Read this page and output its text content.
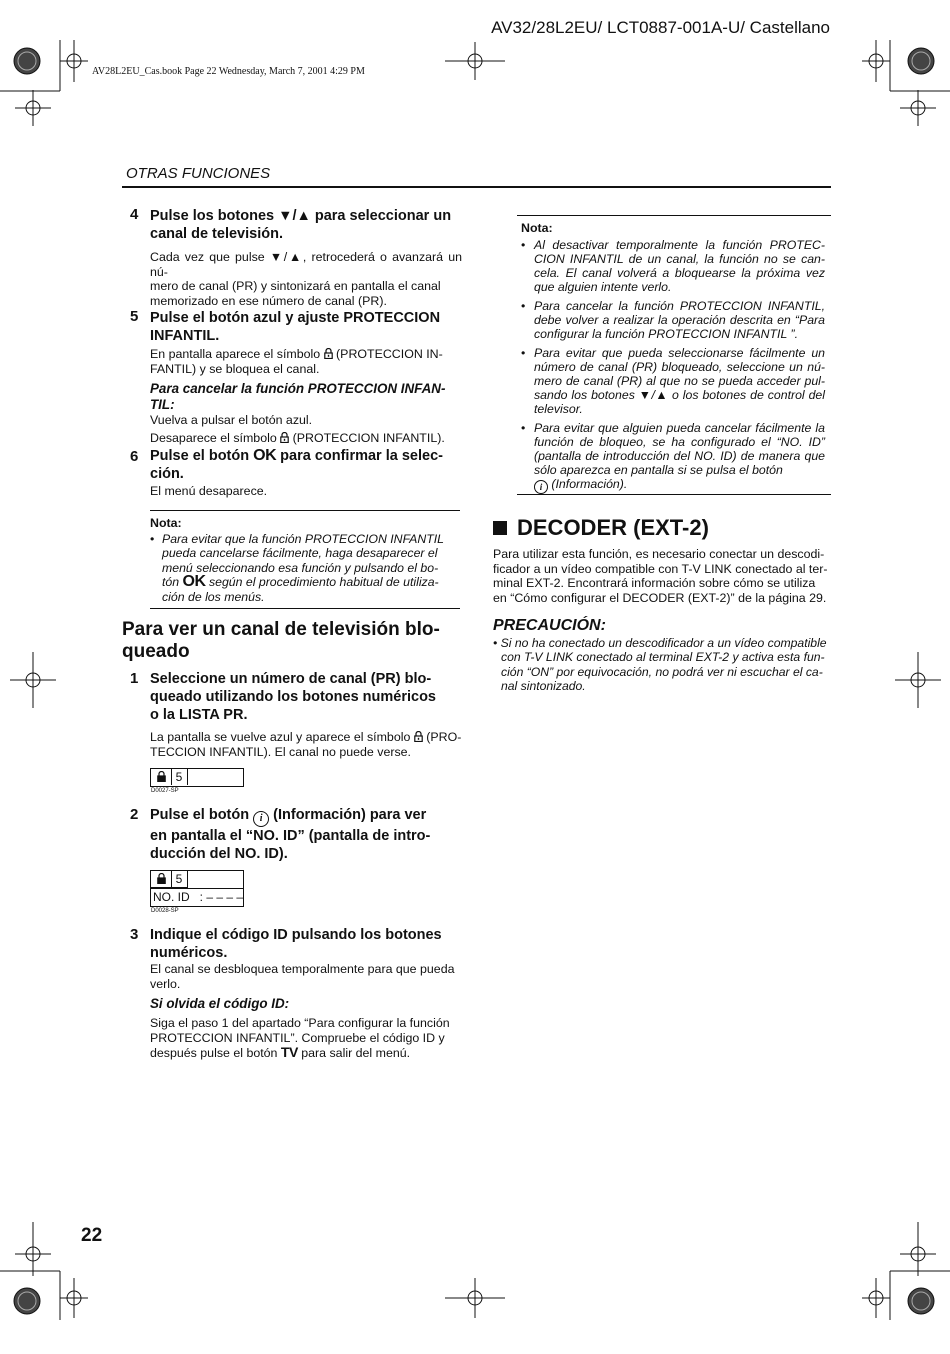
AV32/28L2EU/ LCT0887-001A-U/ Castellano
AV28L2EU_Cas.book Page 22 Wednesday, March 7, 2001 4:29 PM
OTRAS FUNCIONES
4 Pulse los botones ▼/▲ para seleccionar un
canal de televisión.
Cada vez que pulse ▼/▲, retrocederá o avanzará un nú-
mero de canal (PR) y sintonizará en pantalla el canal
memorizado en ese número de canal (PR).
5 Pulse el botón azul y ajuste PROTECCION
INFANTIL.
En pantalla aparece el símbolo (PROTECCION IN-
FANTIL) y se bloquea el canal.
Para cancelar la función PROTECCION INFAN-
TIL:
Vuelva a pulsar el botón azul.
Desaparece el símbolo (PROTECCION INFANTIL).
6 Pulse el botón OK para confirmar la selec-
ción.
El menú desaparece.
Nota:
• Para evitar que la función PROTECCION INFANTIL
pueda cancelarse fácilmente, haga desaparecer el
menú seleccionando esa función y pulsando el bo-
tón OK según el procedimiento habitual de utiliza-
ción de los menús.
Para ver un canal de televisión blo-
queado
1 Seleccione un número de canal (PR) blo-
queado utilizando los botones numéricos
o la LISTA PR.
La pantalla se vuelve azul y aparece el símbolo (PRO-
TECCION INFANTIL). El canal no puede verse.
5
D0027-SP
2 Pulse el botón i (Información) para ver
en pantalla el “NO. ID” (pantalla de intro-
ducción del NO. ID).
5
NO. ID   : – – – –
D0028-SP
3 Indique el código ID pulsando los botones
numéricos.
El canal se desbloquea temporalmente para que pueda
verlo.
Si olvida el código ID:
Siga el paso 1 del apartado “Para configurar la función
PROTECCION INFANTIL”. Compruebe el código ID y
después pulse el botón TV para salir del menú.
Nota:
• Al desactivar temporalmente la función PROTEC-CION INFANTIL de un canal, la función no se can-cela. El canal volverá a bloquearse la próxima vez que alguien intente verlo.
• Para cancelar la función PROTECCION INFANTIL, debe volver a realizar la operación descrita en “Para configurar la función PROTECCION INFANTIL ”.
• Para evitar que pueda seleccionarse fácilmente un número de canal (PR) bloqueado, seleccione un nú-mero de canal (PR) al que no se pueda acceder pul-sando los botones ▼/▲ o los botones de control del televisor.
• Para evitar que alguien pueda cancelar fácilmente la función de bloqueo, se ha configurado el “NO. ID” (pantalla de introducción del NO. ID) de manera que sólo aparezca en pantalla si se pulsa el botón
i (Información).
DECODER (EXT-2)
Para utilizar esta función, es necesario conectar un descodi-
ficador a un vídeo compatible con T-V LINK conectado al ter-
minal EXT-2. Encontrará información sobre cómo se utiliza
en “Cómo configurar el DECODER (EXT-2)” de la página 29.
PRECAUCIÓN:
• Si no ha conectado un descodificador a un vídeo compatible
con T-V LINK conectado al terminal EXT-2 y activa esta fun-
ción “ON” por equivocación, no podrá ver ni escuchar el ca-
nal sintonizado.
22
